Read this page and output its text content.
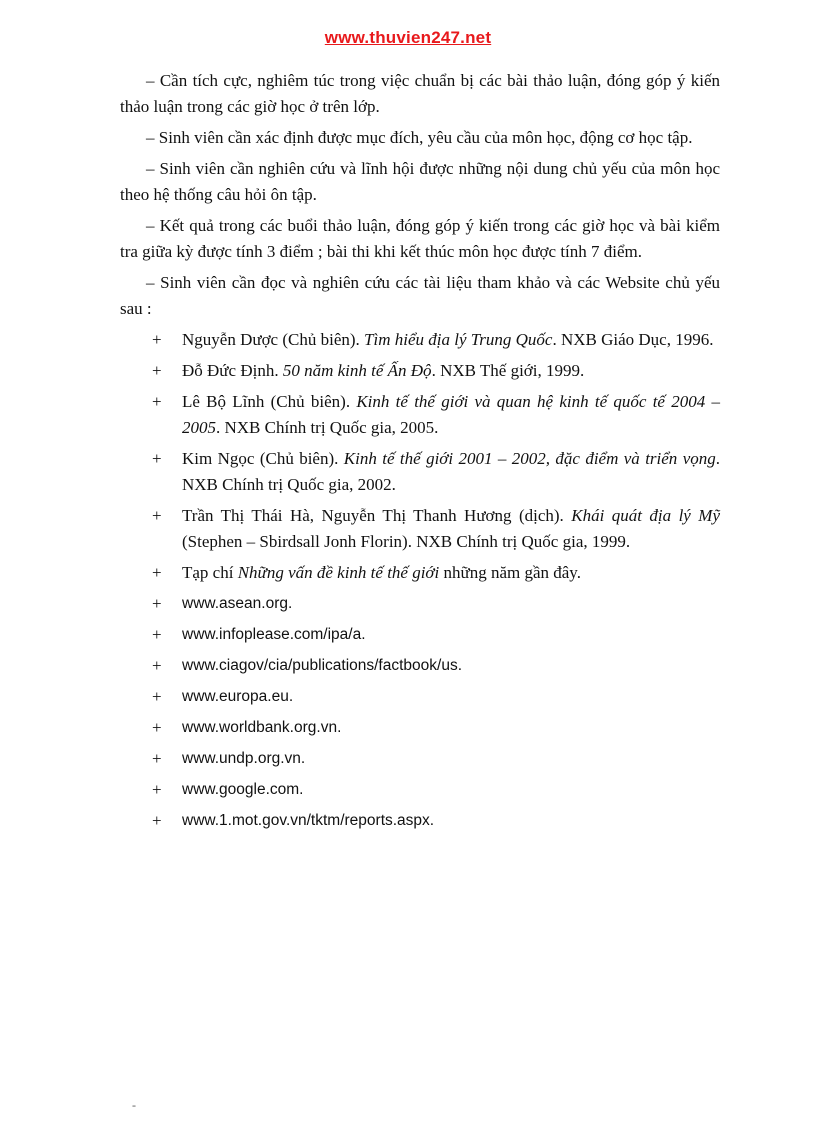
www.thuvien247.net

– Cần tích cực, nghiêm túc trong việc chuẩn bị các bài thảo luận, đóng góp ý kiến thảo luận trong các giờ học ở trên lớp.

– Sinh viên cần xác định được mục đích, yêu cầu của môn học, động cơ học tập.

– Sinh viên cần nghiên cứu và lĩnh hội được những nội dung chủ yếu của môn học theo hệ thống câu hỏi ôn tập.

– Kết quả trong các buổi thảo luận, đóng góp ý kiến trong các giờ học và bài kiểm tra giữa kỳ được tính 3 điểm ; bài thi khi kết thúc môn học được tính 7 điểm.

– Sinh viên cần đọc và nghiên cứu các tài liệu tham khảo và các Website chủ yếu sau :

+ Nguyễn Dược (Chủ biên). Tìm hiểu địa lý Trung Quốc. NXB Giáo Dục, 1996.
+ Đỗ Đức Định. 50 năm kinh tế Ấn Độ. NXB Thế giới, 1999.
+ Lê Bộ Lĩnh (Chủ biên). Kinh tế thế giới và quan hệ kinh tế quốc tế 2004 – 2005. NXB Chính trị Quốc gia, 2005.
+ Kim Ngọc (Chủ biên). Kinh tế thế giới 2001 – 2002, đặc điểm và triển vọng. NXB Chính trị Quốc gia, 2002.
+ Trần Thị Thái Hà, Nguyễn Thị Thanh Hương (dịch). Khái quát địa lý Mỹ (Stephen – Sbirdsall Jonh Florin). NXB Chính trị Quốc gia, 1999.
+ Tạp chí Những vấn đề kinh tế thế giới những năm gần đây.
+ www.asean.org.
+ www.infoplease.com/ipa/a.
+ www.ciagov/cia/publications/factbook/us.
+ www.europa.eu.
+ www.worldbank.org.vn.
+ www.undp.org.vn.
+ www.google.com.
+ www.1.mot.gov.vn/tktm/reports.aspx.
-
